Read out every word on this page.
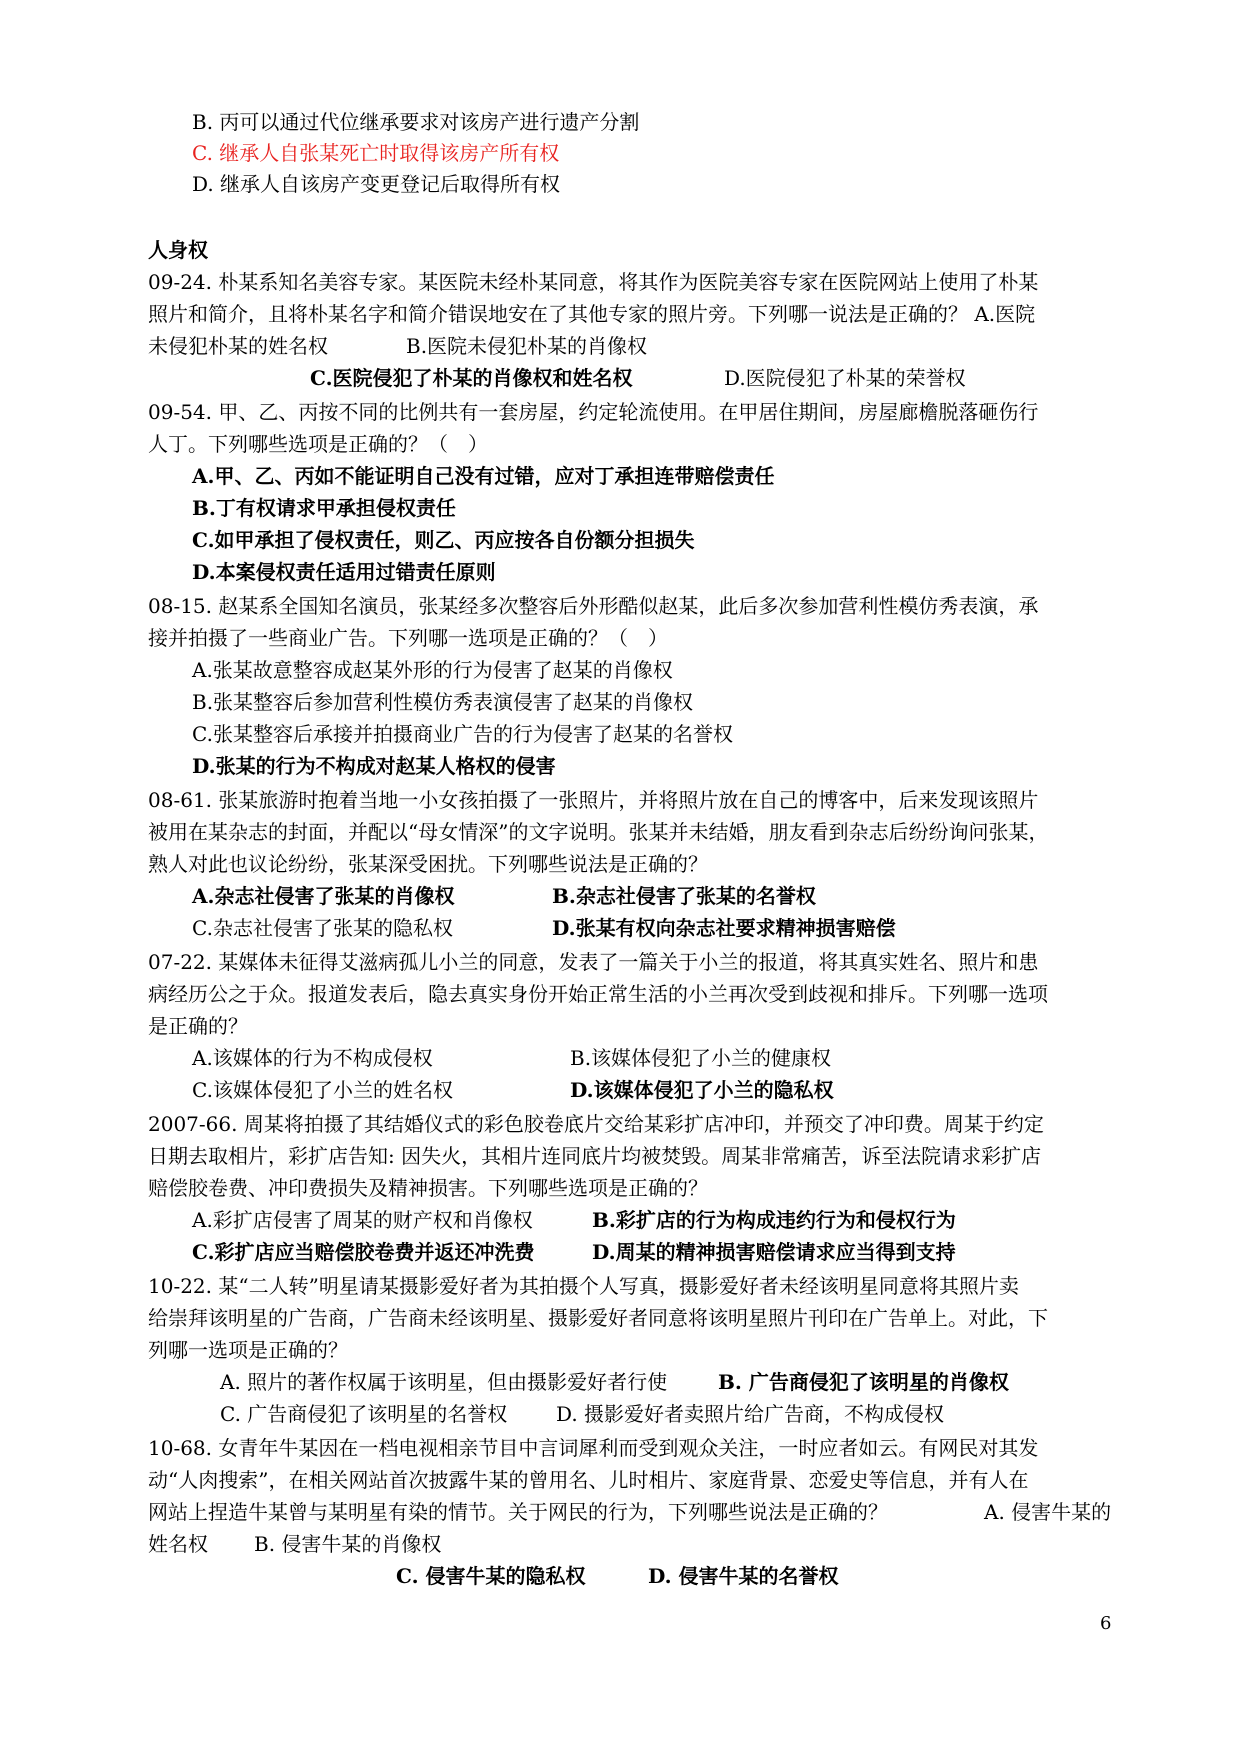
B. 丙可以通过代位继承要求对该房产进行遗产分割
C. 继承人自张某死亡时取得该房产所有权
D. 继承人自该房产变更登记后取得所有权
人身权
09-24. 朴某系知名美容专家。某医院未经朴某同意，将其作为医院美容专家在医院网站上使用了朴某
照片和简介，且将朴某名字和简介错误地安在了其他专家的照片旁。下列哪一说法是正确的？ A.医院
未侵犯朴某的姓名权	B.医院未侵犯朴某的肖像权
C.医院侵犯了朴某的肖像权和姓名权	D.医院侵犯了朴某的荣誉权
09-54. 甲、乙、丙按不同的比例共有一套房屋，约定轮流使用。在甲居住期间，房屋廊檐脱落砸伤行
人丁。下列哪些选项是正确的？（　）
A.甲、乙、丙如不能证明自己没有过错，应对丁承担连带赔偿责任
B.丁有权请求甲承担侵权责任
C.如甲承担了侵权责任，则乙、丙应按各自份额分担损失
D.本案侵权责任适用过错责任原则
08-15. 赵某系全国知名演员，张某经多次整容后外形酷似赵某，此后多次参加营利性模仿秀表演，承
接并拍摄了一些商业广告。下列哪一选项是正确的？（　）
A.张某故意整容成赵某外形的行为侵害了赵某的肖像权
B.张某整容后参加营利性模仿秀表演侵害了赵某的肖像权
C.张某整容后承接并拍摄商业广告的行为侵害了赵某的名誉权
D.张某的行为不构成对赵某人格权的侵害
08-61. 张某旅游时抱着当地一小女孩拍摄了一张照片，并将照片放在自己的博客中，后来发现该照片
被用在某杂志的封面，并配以“母女情深”的文字说明。张某并未结婚，朋友看到杂志后纷纷询问张某，
熟人对此也议论纷纷，张某深受困扰。下列哪些说法是正确的？
A.杂志社侵害了张某的肖像权	B.杂志社侵害了张某的名誉权
C.杂志社侵害了张某的隐私权	D.张某有权向杂志社要求精神损害赔偿
07-22. 某媒体未征得艾滋病孤儿小兰的同意，发表了一篇关于小兰的报道，将其真实姓名、照片和患
病经历公之于众。报道发表后，隐去真实身份开始正常生活的小兰再次受到歧视和排斥。下列哪一选项
是正确的？
A.该媒体的行为不构成侵权	B.该媒体侵犯了小兰的健康权
C.该媒体侵犯了小兰的姓名权	D.该媒体侵犯了小兰的隐私权
2007-66. 周某将拍摄了其结婚仪式的彩色胶卷底片交给某彩扩店冲印，并预交了冲印费。周某于约定
日期去取相片，彩扩店告知: 因失火，其相片连同底片均被焚毁。周某非常痛苦，诉至法院请求彩扩店
赔偿胶卷费、冲印费损失及精神损害。下列哪些选项是正确的？
A.彩扩店侵害了周某的财产权和肖像权	B.彩扩店的行为构成违约行为和侵权行为
C.彩扩店应当赔偿胶卷费并返还冲洗费	D.周某的精神损害赔偿请求应当得到支持
10-22. 某“二人转”明星请某摄影爱好者为其拍摄个人写真，摄影爱好者未经该明星同意将其照片卖
给崇拜该明星的广告商，广告商未经该明星、摄影爱好者同意将该明星照片刊印在广告单上。对此，下
列哪一选项是正确的？
A. 照片的著作权属于该明星，但由摄影爱好者行使	B. 广告商侵犯了该明星的肖像权
C. 广告商侵犯了该明星的名誉权 D. 摄影爱好者卖照片给广告商，不构成侵权
10-68. 女青年牛某因在一档电视相亲节目中言词犀利而受到观众关注，一时应者如云。有网民对其发
动“人肉搜索”，在相关网站首次披露牛某的曾用名、儿时相片、家庭背景、恋爱史等信息，并有人在
网站上捏造牛某曾与某明星有染的情节。关于网民的行为，下列哪些说法是正确的？	A. 侵害牛某的
姓名权 B. 侵害牛某的肖像权
C. 侵害牛某的隐私权	D. 侵害牛某的名誉权
6
